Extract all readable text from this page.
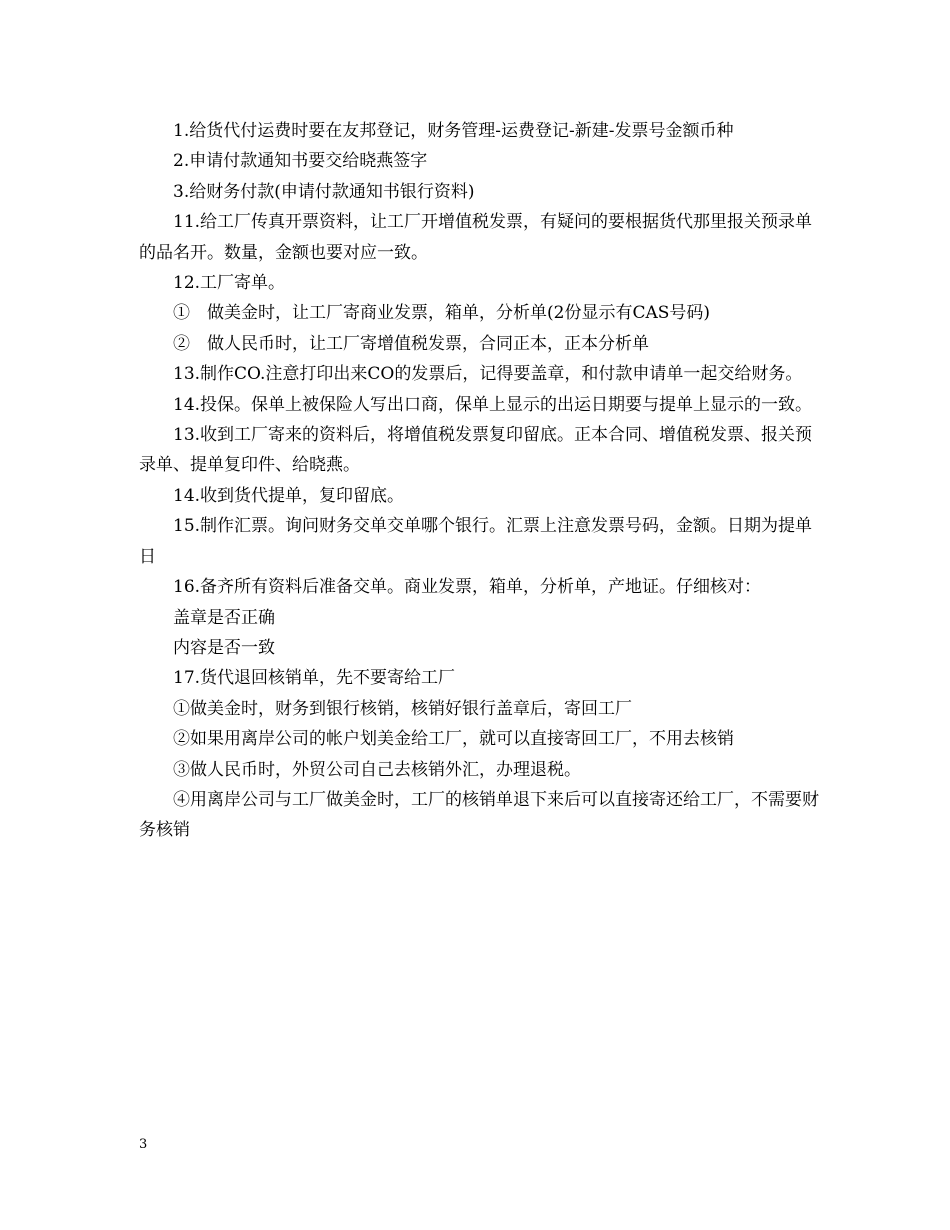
1.给货代付运费时要在友邦登记，财务管理-运费登记-新建-发票号金额币种

2.申请付款通知书要交给晓燕签字

3.给财务付款(申请付款通知书银行资料)

11.给工厂传真开票资料，让工厂开增值税发票，有疑问的要根据货代那里报关预录单的品名开。数量，金额也要对应一致。

12.工厂寄单。

①　做美金时，让工厂寄商业发票，箱单，分析单(2份显示有CAS号码)

②　做人民币时，让工厂寄增值税发票，合同正本，正本分析单

13.制作CO.注意打印出来CO的发票后，记得要盖章，和付款申请单一起交给财务。

14.投保。保单上被保险人写出口商，保单上显示的出运日期要与提单上显示的一致。

13.收到工厂寄来的资料后，将增值税发票复印留底。正本合同、增值税发票、报关预录单、提单复印件、给晓燕。

14.收到货代提单，复印留底。

15.制作汇票。询问财务交单交单哪个银行。汇票上注意发票号码，金额。日期为提单日

16.备齐所有资料后准备交单。商业发票，箱单，分析单，产地证。仔细核对：

盖章是否正确

内容是否一致

17.货代退回核销单，先不要寄给工厂

①做美金时，财务到银行核销，核销好银行盖章后，寄回工厂

②如果用离岸公司的帐户划美金给工厂，就可以直接寄回工厂，不用去核销

③做人民币时，外贸公司自己去核销外汇，办理退税。

④用离岸公司与工厂做美金时，工厂的核销单退下来后可以直接寄还给工厂，不需要财务核销

3
